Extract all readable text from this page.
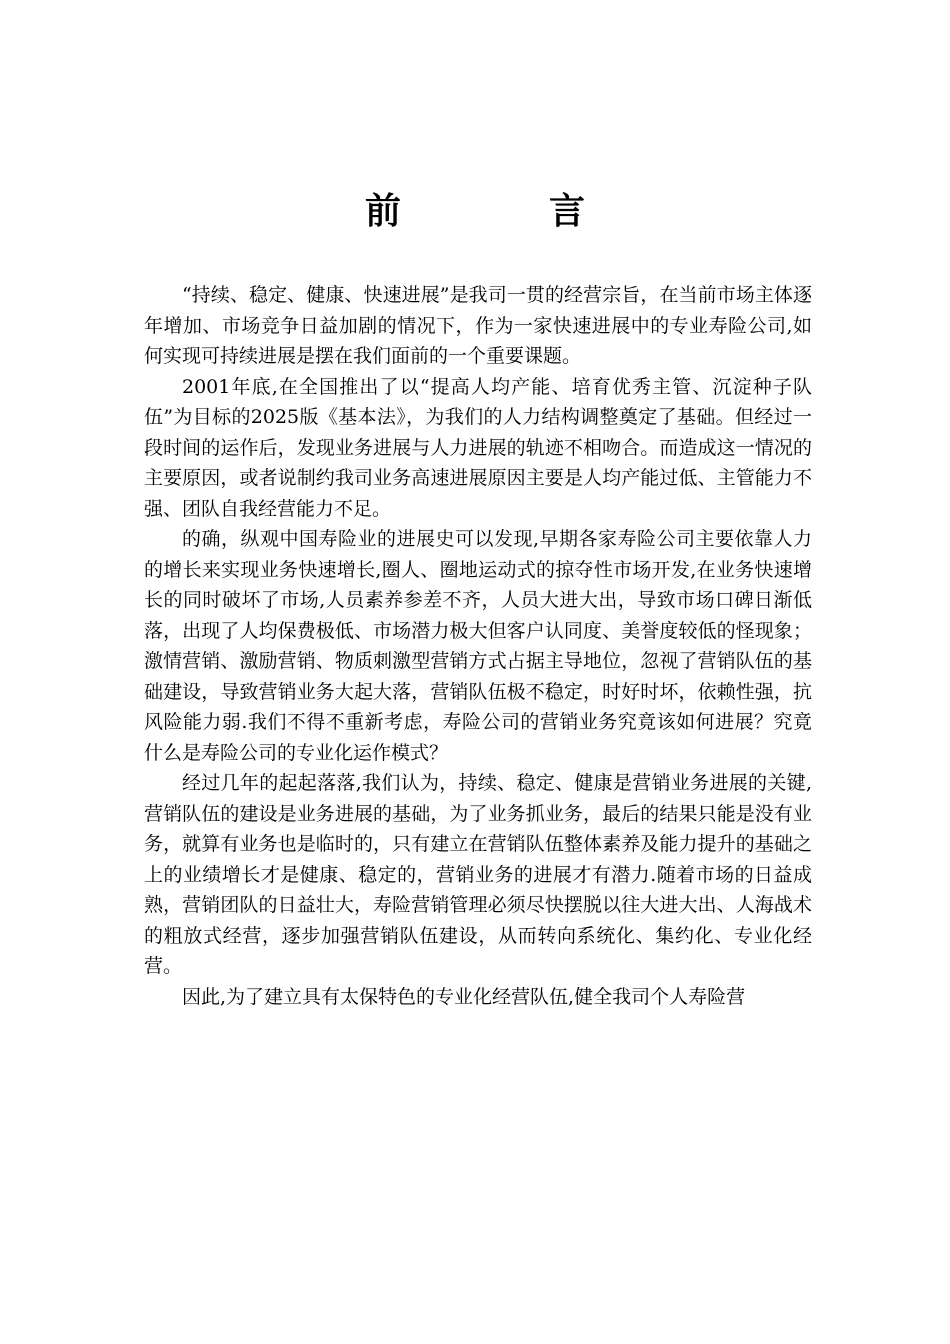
前　言

“持续、稳定、健康、快速进展”是我司一贯的经营宗旨，在当前市场主体逐年增加、市场竞争日益加剧的情况下，作为一家快速进展中的专业寿险公司,如何实现可持续进展是摆在我们面前的一个重要课题。

2001年底,在全国推出了以“提高人均产能、培育优秀主管、沉淀种子队伍”为目标的2025版《基本法》，为我们的人力结构调整奠定了基础。但经过一段时间的运作后，发现业务进展与人力进展的轨迹不相吻合。而造成这一情况的主要原因，或者说制约我司业务高速进展原因主要是人均产能过低、主管能力不强、团队自我经营能力不足。

的确，纵观中国寿险业的进展史可以发现,早期各家寿险公司主要依靠人力的增长来实现业务快速增长,圈人、圈地运动式的掠夺性市场开发,在业务快速增长的同时破坏了市场,人员素养参差不齐，人员大进大出，导致市场口碑日渐低落，出现了人均保费极低、市场潜力极大但客户认同度、美誉度较低的怪现象；激情营销、激励营销、物质刺激型营销方式占据主导地位，忽视了营销队伍的基础建设，导致营销业务大起大落，营销队伍极不稳定，时好时坏，依赖性强，抗风险能力弱.我们不得不重新考虑，寿险公司的营销业务究竟该如何进展？究竟什么是寿险公司的专业化运作模式？

经过几年的起起落落,我们认为，持续、稳定、健康是营销业务进展的关键,营销队伍的建设是业务进展的基础，为了业务抓业务，最后的结果只能是没有业务，就算有业务也是临时的，只有建立在营销队伍整体素养及能力提升的基础之上的业绩增长才是健康、稳定的，营销业务的进展才有潜力.随着市场的日益成熟，营销团队的日益壮大，寿险营销管理必须尽快摆脱以往大进大出、人海战术的粗放式经营，逐步加强营销队伍建设，从而转向系统化、集约化、专业化经营。

因此,为了建立具有太保特色的专业化经营队伍,健全我司个人寿险营
